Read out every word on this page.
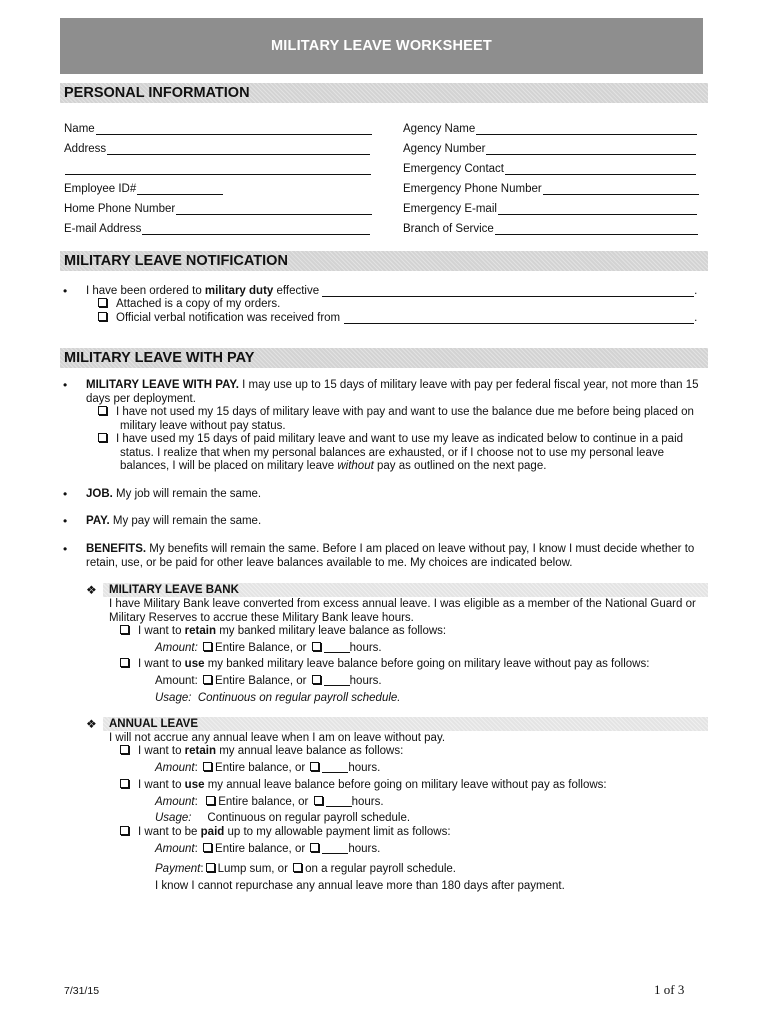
MILITARY LEAVE WORKSHEET
PERSONAL INFORMATION
Name
Address
Employee ID#
Home Phone Number
E-mail Address
Agency Name
Agency Number
Emergency Contact
Emergency Phone Number
Emergency E-mail
Branch of Service
MILITARY LEAVE NOTIFICATION
• I have been ordered to military duty effective	.
Attached is a copy of my orders.
Official verbal notification was received from	.
MILITARY LEAVE WITH PAY
• MILITARY LEAVE WITH PAY. I may use up to 15 days of military leave with pay per federal fiscal year, not more than 15
days per deployment.
I have not used my 15 days of military leave with pay and want to use the balance due me before being placed on
military leave without pay status.
I have used my 15 days of paid military leave and want to use my leave as indicated below to continue in a paid
status. I realize that when my personal balances are exhausted, or if I choose not to use my personal leave
balances, I will be placed on military leave without pay as outlined on the next page.
• JOB. My job will remain the same.
• PAY. My pay will remain the same.
• BENEFITS. My benefits will remain the same. Before I am placed on leave without pay, I know I must decide whether to
retain, use, or be paid for other leave balances available to me. My choices are indicated below.
❖ MILITARY LEAVE BANK
I have Military Bank leave converted from excess annual leave. I was eligible as a member of the National Guard or
Military Reserves to accrue these Military Bank leave hours.
I want to retain my banked military leave balance as follows:
Amount: Entire Balance, or	hours.
I want to use my banked military leave balance before going on military leave without pay as follows:
Amount: Entire Balance, or	hours.
Usage: Continuous on regular payroll schedule.
❖ ANNUAL LEAVE
I will not accrue any annual leave when I am on leave without pay.
I want to retain my annual leave balance as follows:
Amount: Entire balance, or	hours.
I want to use my annual leave balance before going on military leave without pay as follows:
Amount:  Entire balance, or	hours.
Usage: Continuous on regular payroll schedule.
I want to be paid up to my allowable payment limit as follows:
Amount: Entire balance, or	hours.
Payment: Lump sum, or on a regular payroll schedule.
I know I cannot repurchase any annual leave more than 180 days after payment.
7/31/15	1 of 3
